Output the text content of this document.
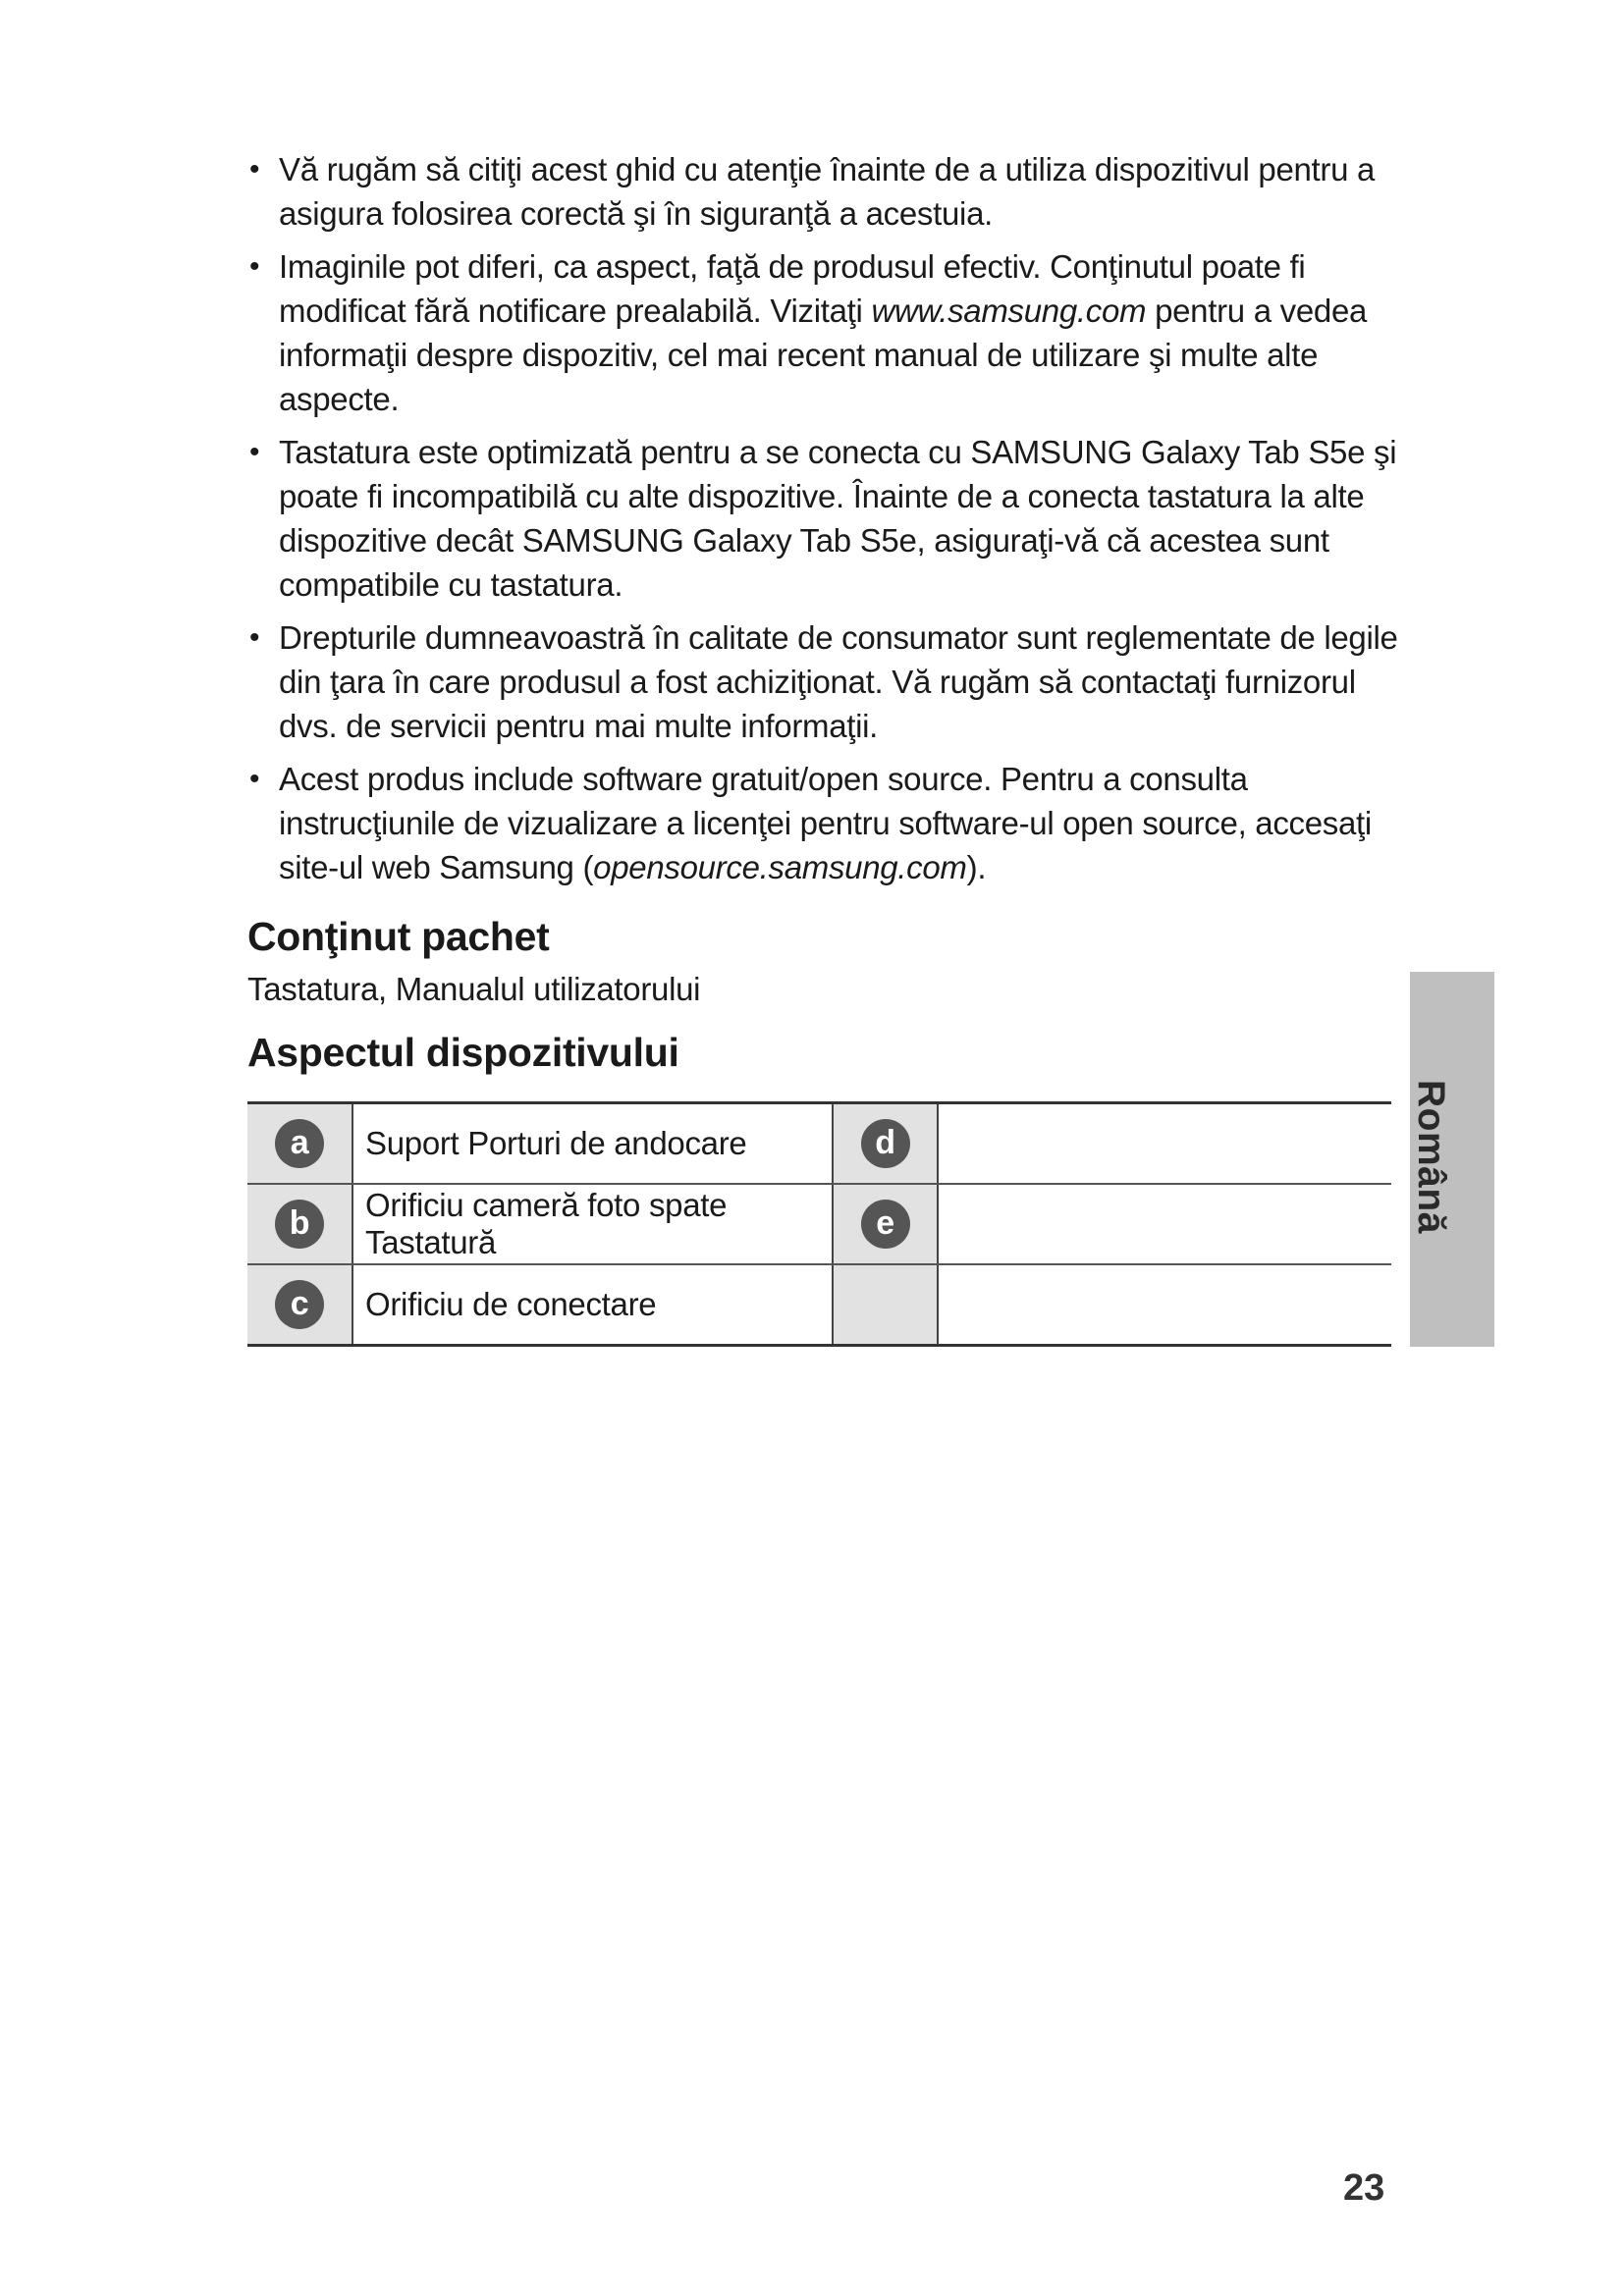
• Vă rugăm să citiţi acest ghid cu atenţie înainte de a utiliza dispozitivul pentru a asigura folosirea corectă şi în siguranţă a acestuia.
• Imaginile pot diferi, ca aspect, faţă de produsul efectiv. Conţinutul poate fi modificat fără notificare prealabilă. Vizitaţi www.samsung.com pentru a vedea informaţii despre dispozitiv, cel mai recent manual de utilizare şi multe alte aspecte.
• Tastatura este optimizată pentru a se conecta cu SAMSUNG Galaxy Tab S5e şi poate fi incompatibilă cu alte dispozitive. Înainte de a conecta tastatura la alte dispozitive decât SAMSUNG Galaxy Tab S5e, asiguraţi-vă că acestea sunt compatibile cu tastatura.
• Drepturile dumneavoastră în calitate de consumator sunt reglementate de legile din ţara în care produsul a fost achiziţionat. Vă rugăm să contactaţi furnizorul dvs. de servicii pentru mai multe informaţii.
• Acest produs include software gratuit/open source. Pentru a consulta instrucţiunile de vizualizare a licenţei pentru software-ul open source, accesaţi site-ul web Samsung (opensource.samsung.com).
Conţinut pachet

Tastatura, Manualul utilizatorului

Aspectul dispozitivului
a	Suport Porturi de andocare	d	
b	Orificiu cameră foto spate Tastatură	e	
c	Orificiu de conectare		
Română
23
